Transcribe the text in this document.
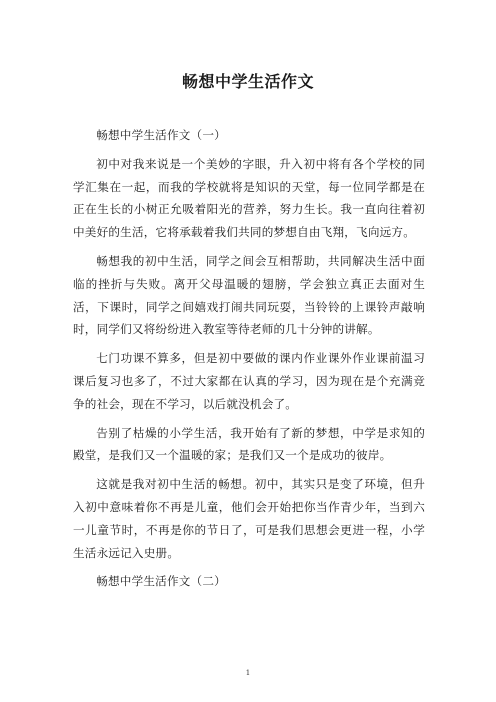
畅想中学生活作文

畅想中学生活作文（一）

初中对我来说是一个美妙的字眼，升入初中将有各个学校的同学汇集在一起，而我的学校就将是知识的天堂，每一位同学都是在正在生长的小树正允吸着阳光的营养，努力生长。我一直向往着初中美好的生活，它将承载着我们共同的梦想自由飞翔，飞向远方。

畅想我的初中生活，同学之间会互相帮助，共同解决生活中面临的挫折与失败。离开父母温暖的翅膀，学会独立真正去面对生活，下课时，同学之间嬉戏打闹共同玩耍，当铃铃的上课铃声敲响时，同学们又将纷纷进入教室等待老师的几十分钟的讲解。

七门功课不算多，但是初中要做的课内作业课外作业课前温习课后复习也多了，不过大家都在认真的学习，因为现在是个充满竞争的社会，现在不学习，以后就没机会了。

告别了枯燥的小学生活，我开始有了新的梦想，中学是求知的殿堂，是我们又一个温暖的家；是我们又一个是成功的彼岸。

这就是我对初中生活的畅想。初中，其实只是变了环境，但升入初中意味着你不再是儿童，他们会开始把你当作青少年，当到六一儿童节时，不再是你的节日了，可是我们思想会更进一程，小学生活永远记入史册。

畅想中学生活作文（二）

1
